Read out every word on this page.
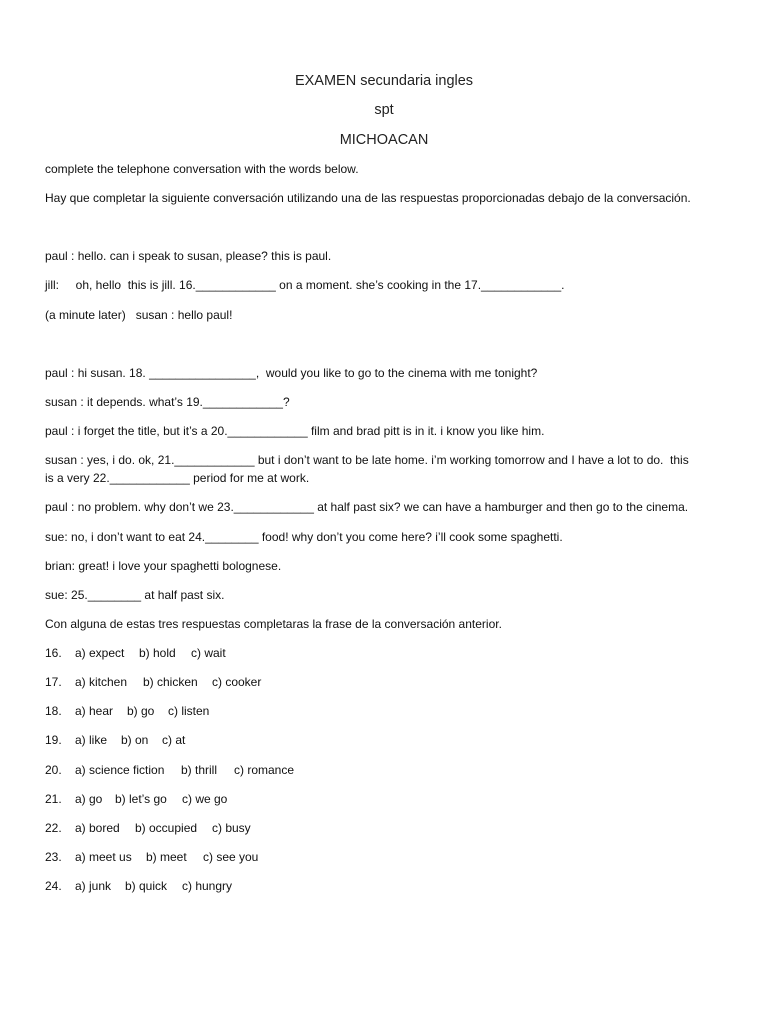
EXAMEN secundaria ingles
spt
MICHOACAN
complete the telephone conversation with the words below.
Hay que completar la siguiente conversación utilizando una de las respuestas proporcionadas debajo de la conversación.
paul : hello. can i speak to susan, please? this is paul.
jill:     oh, hello  this is jill. 16.____________ on a moment. she’s cooking in the 17.____________.
(a minute later)   susan : hello paul!
paul : hi susan. 18. ________________,  would you like to go to the cinema with me tonight?
susan : it depends. what’s 19.____________?
paul : i forget the title, but it’s a 20.____________ film and brad pitt is in it. i know you like him.
susan : yes, i do. ok, 21.____________ but i don’t want to be late home. i’m working tomorrow and I have a lot to do.  this
is a very 22.____________ period for me at work.
paul : no problem. why don’t we 23.____________ at half past six? we can have a hamburger and then go to the cinema.
sue: no, i don’t want to eat 24.________ food! why don’t you come here? i’ll cook some spaghetti.
brian: great! i love your spaghetti bolognese.
sue: 25.________ at half past six.
Con alguna de estas tres respuestas completaras la frase de la conversación anterior.
16. a) expect b) hold c) wait
17. a) kitchen b) chicken c) cooker
18. a) hear b) go c) listen
19. a) like b) on c) at
20. a) science fiction b) thrill c) romance
21. a) go b) let’s go c) we go
22. a) bored b) occupied c) busy
23. a) meet us b) meet c) see you
24. a) junk b) quick c) hungry
